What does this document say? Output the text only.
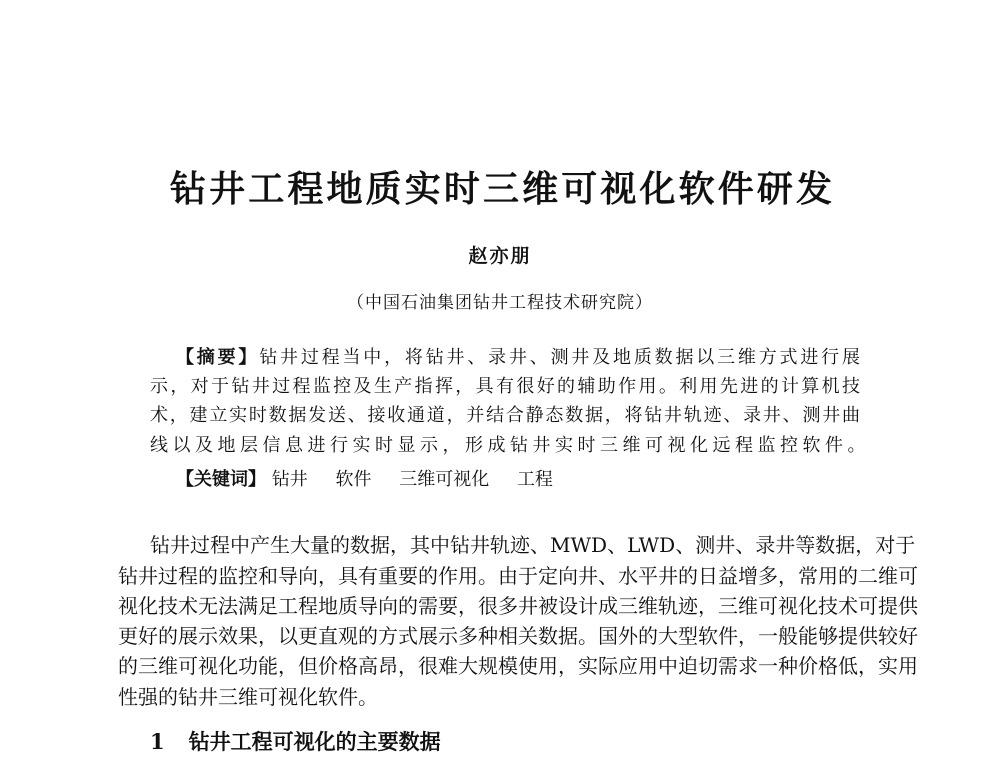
钻井工程地质实时三维可视化软件研发
赵亦朋
（中国石油集团钻井工程技术研究院）
【摘要】钻井过程当中，将钻井、录井、测井及地质数据以三维方式进行展
示，对于钻井过程监控及生产指挥，具有很好的辅助作用。利用先进的计算机技
术，建立实时数据发送、接收通道，并结合静态数据，将钻井轨迹、录井、测井曲
线以及地层信息进行实时显示，形成钻井实时三维可视化远程监控软件。
【关键词】 钻井 软件 三维可视化 工程
钻井过程中产生大量的数据，其中钻井轨迹、MWD、LWD、测井、录井等数据，对于
钻井过程的监控和导向，具有重要的作用。由于定向井、水平井的日益增多，常用的二维可
视化技术无法满足工程地质导向的需要，很多井被设计成三维轨迹，三维可视化技术可提供
更好的展示效果，以更直观的方式展示多种相关数据。国外的大型软件，一般能够提供较好
的三维可视化功能，但价格高昂，很难大规模使用，实际应用中迫切需求一种价格低，实用
性强的钻井三维可视化软件。
1 钻井工程可视化的主要数据
